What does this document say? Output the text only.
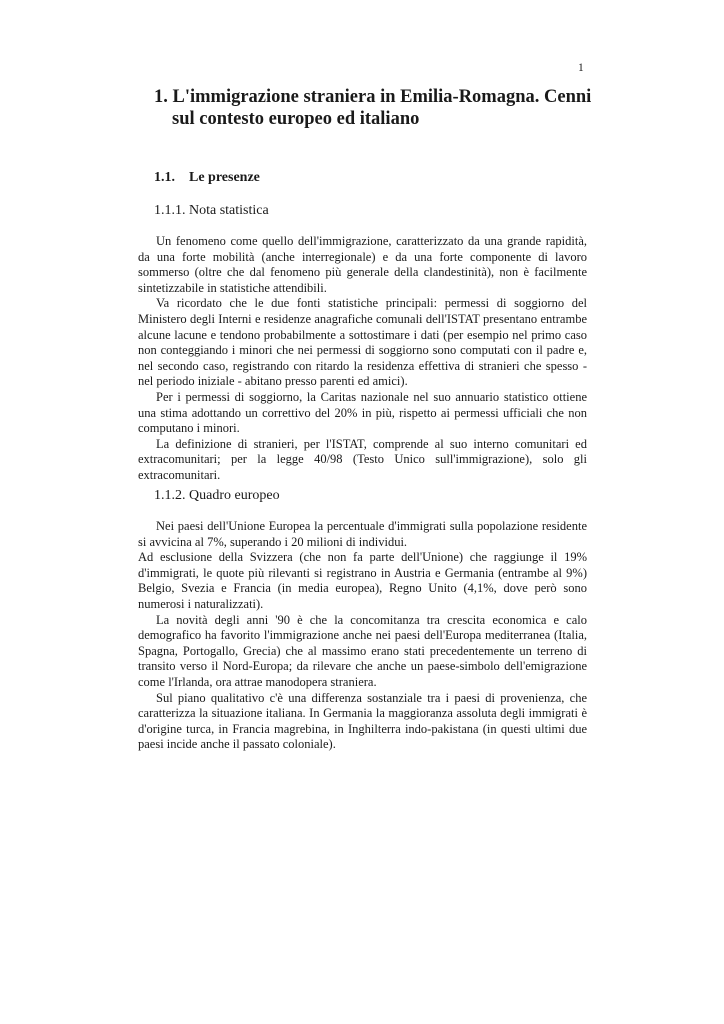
1
1. L'immigrazione straniera in Emilia-Romagna. Cenni sul contesto europeo ed italiano
1.1.    Le presenze
1.1.1. Nota statistica

Un fenomeno come quello dell'immigrazione, caratterizzato da una grande rapidità, da una forte mobilità (anche interregionale) e da una forte componente di lavoro sommerso (oltre che dal fenomeno più generale della clandestinità), non è facilmente sintetizzabile in statistiche attendibili.

Va ricordato che le due fonti statistiche principali: permessi di soggiorno del Ministero degli Interni e residenze anagrafiche comunali dell'ISTAT presentano entrambe alcune lacune e tendono probabilmente a sottostimare i dati (per esempio nel primo caso non conteggiando i minori che nei permessi di soggiorno sono computati con il padre e, nel secondo caso, registrando con ritardo la residenza effettiva di stranieri che spesso - nel periodo iniziale - abitano presso parenti ed amici).

Per i permessi di soggiorno, la Caritas nazionale nel suo annuario statistico ottiene una stima adottando un correttivo del 20% in più, rispetto ai permessi ufficiali che non computano i minori.

La definizione di stranieri, per l'ISTAT, comprende al suo interno comunitari ed extracomunitari; per la legge 40/98 (Testo Unico sull'immigrazione), solo gli extracomunitari.

1.1.2. Quadro europeo

Nei paesi dell'Unione Europea la percentuale d'immigrati sulla popolazione residente si avvicina al 7%, superando i 20 milioni di individui.

Ad esclusione della Svizzera (che non fa parte dell'Unione) che raggiunge il 19% d'immigrati, le quote più rilevanti si registrano in Austria e Germania (entrambe al 9%) Belgio, Svezia e Francia (in media europea), Regno Unito (4,1%, dove però sono numerosi i naturalizzati).

La novità degli anni '90 è che la concomitanza tra crescita economica e calo demografico ha favorito l'immigrazione anche nei paesi dell'Europa mediterranea (Italia, Spagna, Portogallo, Grecia) che al massimo erano stati precedentemente un terreno di transito verso il Nord-Europa; da rilevare che anche un paese-simbolo dell'emigrazione come l'Irlanda, ora attrae manodopera straniera.

Sul piano qualitativo c'è una differenza sostanziale tra i paesi di provenienza, che caratterizza la situazione italiana. In Germania la maggioranza assoluta degli immigrati è d'origine turca, in Francia magrebina, in Inghilterra indo-pakistana (in questi ultimi due paesi incide anche il passato coloniale).
